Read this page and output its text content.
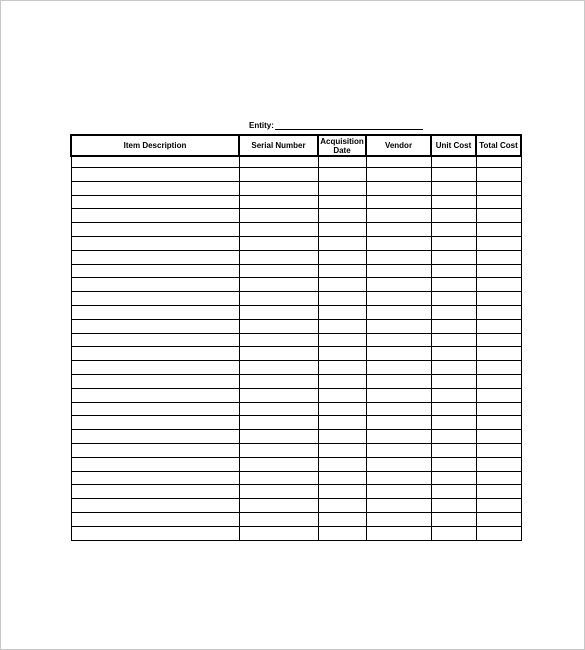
Entity:
Item Description	Serial Number	Acquisition Date	Vendor	Unit Cost	Total Cost
